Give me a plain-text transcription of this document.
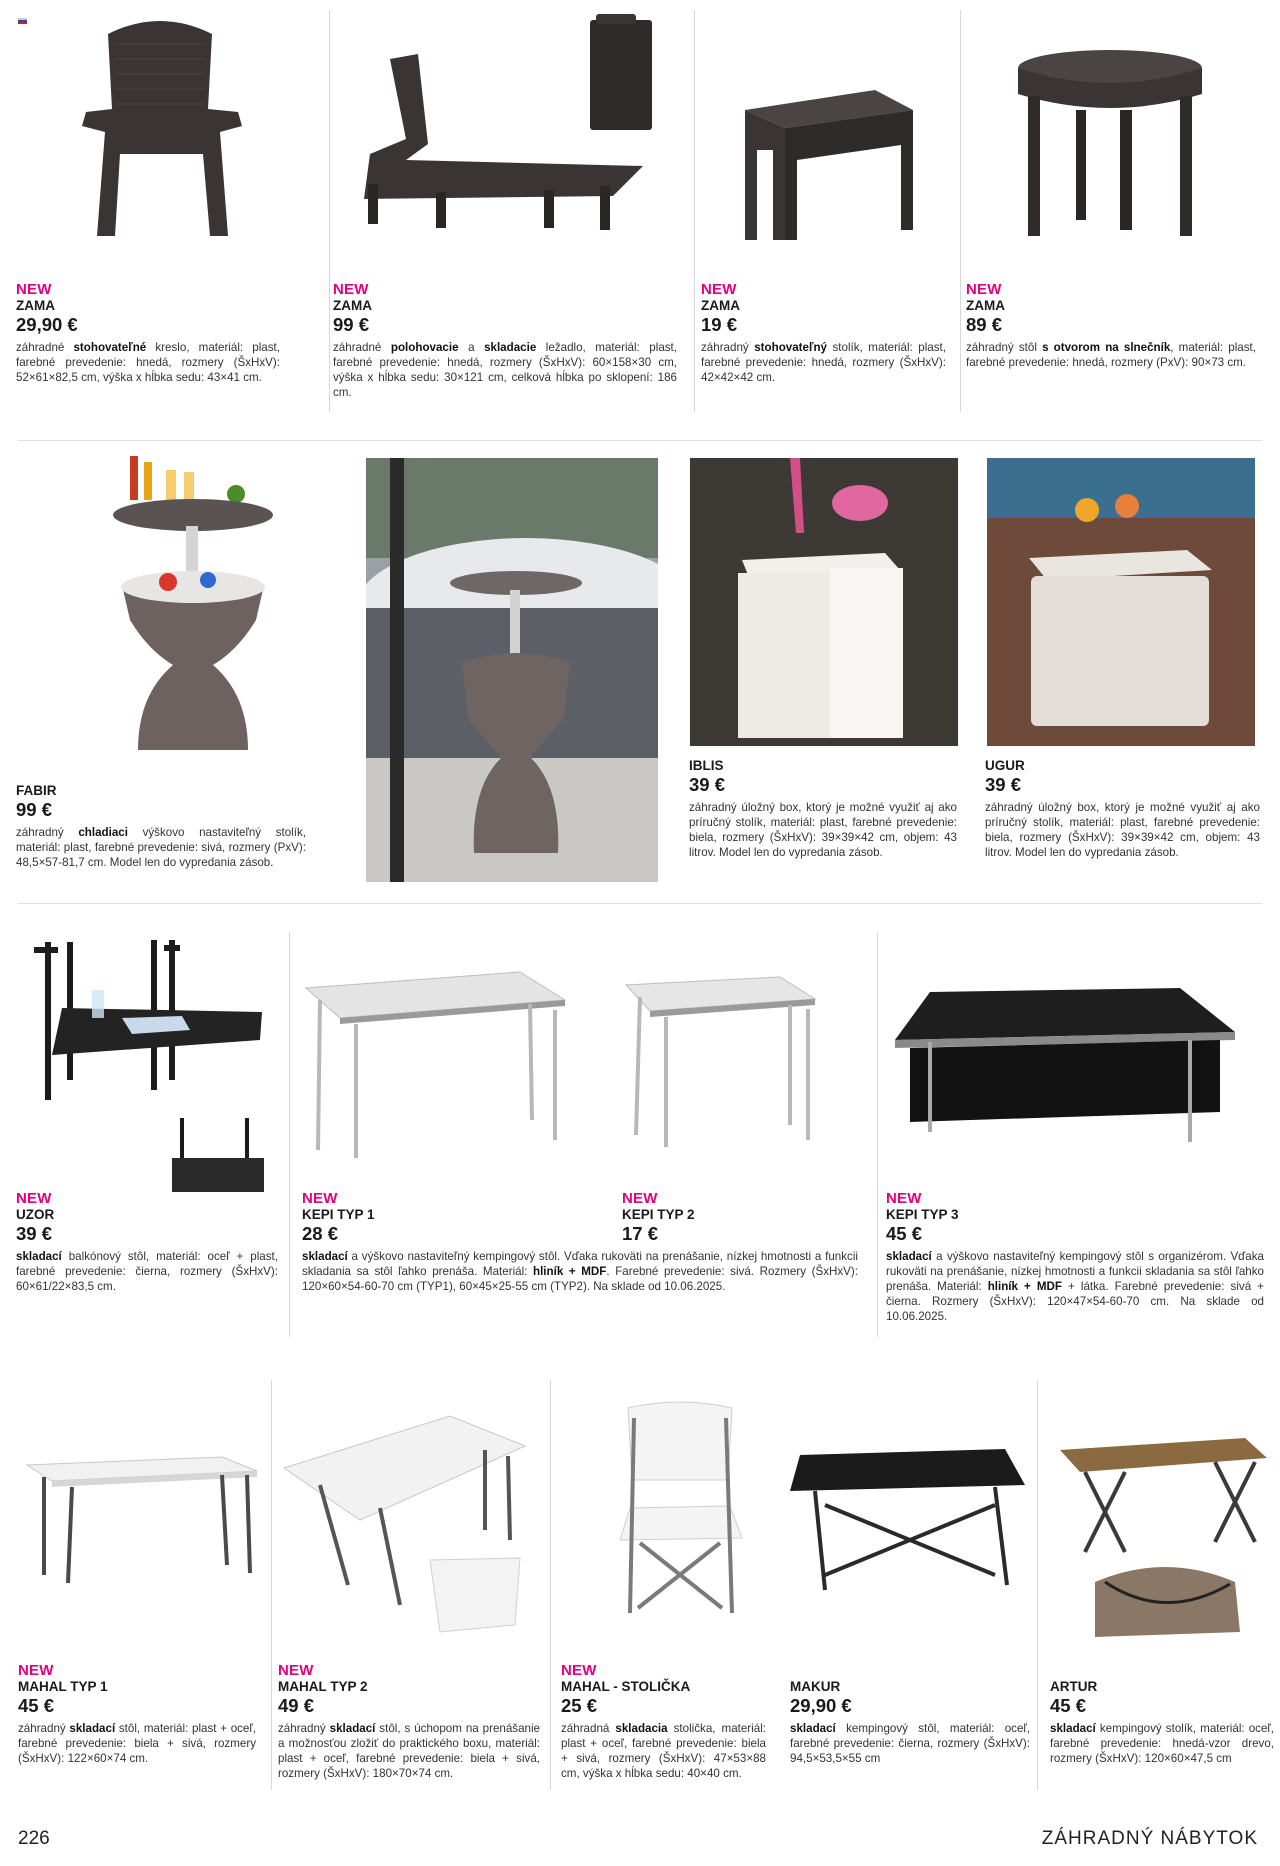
NEW
ZAMA
29,90 €
záhradné stohovateľné kreslo, materiál: plast, farebné prevedenie: hnedá, rozmery (ŠxHxV): 52×61×82,5 cm, výška x hĺbka sedu: 43×41 cm.
NEW
ZAMA
99 €
záhradné polohovacie a skladacie ležadlo, materiál: plast, farebné prevedenie: hnedá, rozmery (ŠxHxV): 60×158×30 cm, výška x hĺbka sedu: 30×121 cm, celková hĺbka po sklopení: 186 cm.
NEW
ZAMA
19 €
záhradný stohovateľný stolík, materiál: plast, farebné prevedenie: hnedá, rozmery (ŠxHxV): 42×42×42 cm.
NEW
ZAMA
89 €
záhradný stôl s otvorom na slnečník, materiál: plast, farebné prevedenie: hnedá, rozmery (PxV): 90×73 cm.
FABIR
99 €
záhradný chladiaci výškovo nastaviteľný stolík, materiál: plast, farebné prevedenie: sivá, rozmery (PxV): 48,5×57-81,7 cm. Model len do vypredania zásob.
IBLIS
39 €
záhradný úložný box, ktorý je možné využiť aj ako príručný stolík, materiál: plast, farebné prevedenie: biela, rozmery (ŠxHxV): 39×39×42 cm, objem: 43 litrov. Model len do vypredania zásob.
UGUR
39 €
záhradný úložný box, ktorý je možné využiť aj ako príručný stolík, materiál: plast, farebné prevedenie: biela, rozmery (ŠxHxV): 39×39×42 cm, objem: 43 litrov. Model len do vypredania zásob.
NEW
UZOR
39 €
skladací balkónový stôl, materiál: oceľ + plast, farebné prevedenie: čierna, rozmery (ŠxHxV): 60×61/22×83,5 cm.
NEW
KEPI TYP 1
28 €
NEW
KEPI TYP 2
17 €
skladací a výškovo nastaviteľný kempingový stôl. Vďaka rukoväti na prenášanie, nízkej hmotnosti a funkcii skladania sa stôl ľahko prenáša. Materiál: hliník + MDF. Farebné prevedenie: sivá. Rozmery (ŠxHxV): 120×60×54-60-70 cm (TYP1), 60×45×25-55 cm (TYP2). Na sklade od 10.06.2025.
NEW
KEPI TYP 3
45 €
skladací a výškovo nastaviteľný kempingový stôl s organizérom. Vďaka rukoväti na prenášanie, nízkej hmotnosti a funkcii skladania sa stôl ľahko prenáša. Materiál: hliník + MDF + látka. Farebné prevedenie: sivá + čierna. Rozmery (ŠxHxV): 120×47×54-60-70 cm. Na sklade od 10.06.2025.
NEW
MAHAL TYP 1
45 €
záhradný skladací stôl, materiál: plast + oceľ, farebné prevedenie: biela + sivá, rozmery (ŠxHxV): 122×60×74 cm.
NEW
MAHAL TYP 2
49 €
záhradný skladací stôl, s úchopom na prenášanie a možnosťou zložiť do praktického boxu, materiál: plast + oceľ, farebné prevedenie: biela + sivá, rozmery (ŠxHxV): 180×70×74 cm.
NEW
MAHAL - STOLIČKA
25 €
záhradná skladacia stolička, materiál: plast + oceľ, farebné prevedenie: biela + sivá, rozmery (ŠxHxV): 47×53×88 cm, výška x hĺbka sedu: 40×40 cm.
MAKUR
29,90 €
skladací kempingový stôl, materiál: oceľ, farebné prevedenie: čierna, rozmery (ŠxHxV): 94,5×53,5×55 cm
ARTUR
45 €
skladací kempingový stolík, materiál: oceľ, farebné prevedenie: hnedá-vzor drevo, rozmery (ŠxHxV): 120×60×47,5 cm
226	ZÁHRADNÝ NÁBYTOK
